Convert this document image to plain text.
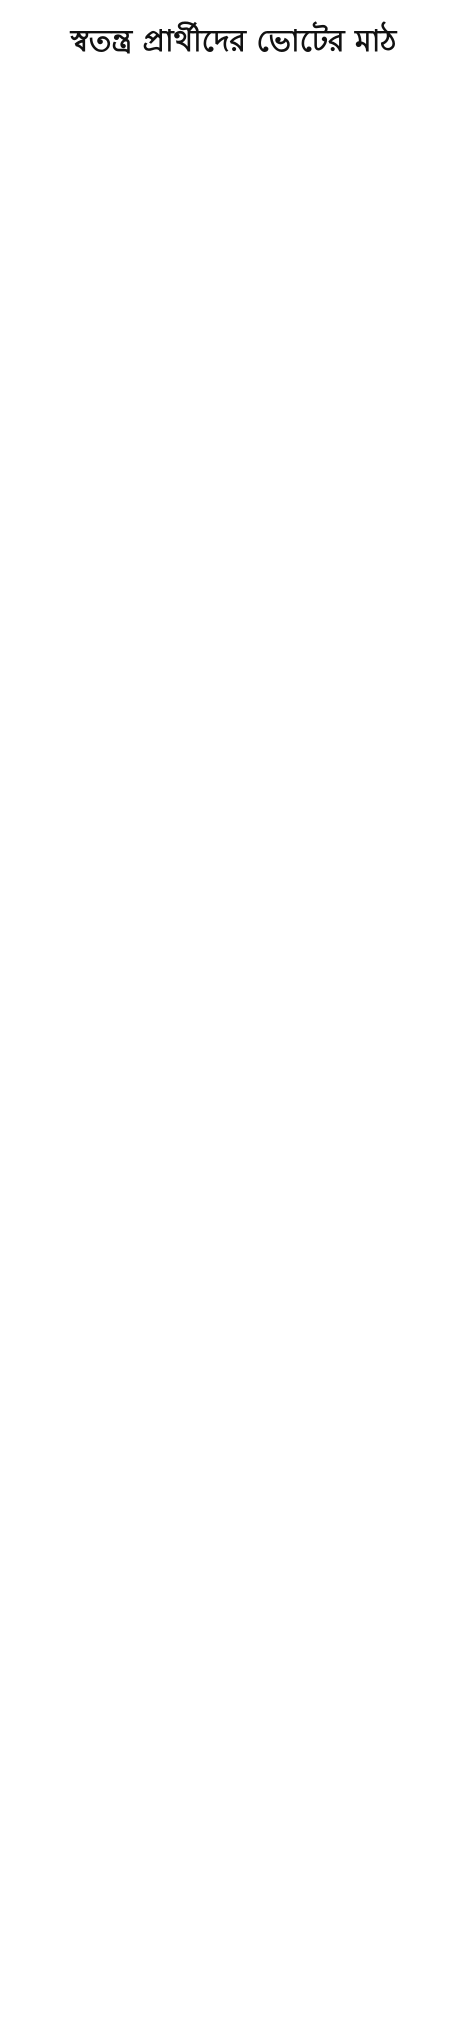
স্বতন্ত্র প্রার্থীদের ভোটের মাঠ
